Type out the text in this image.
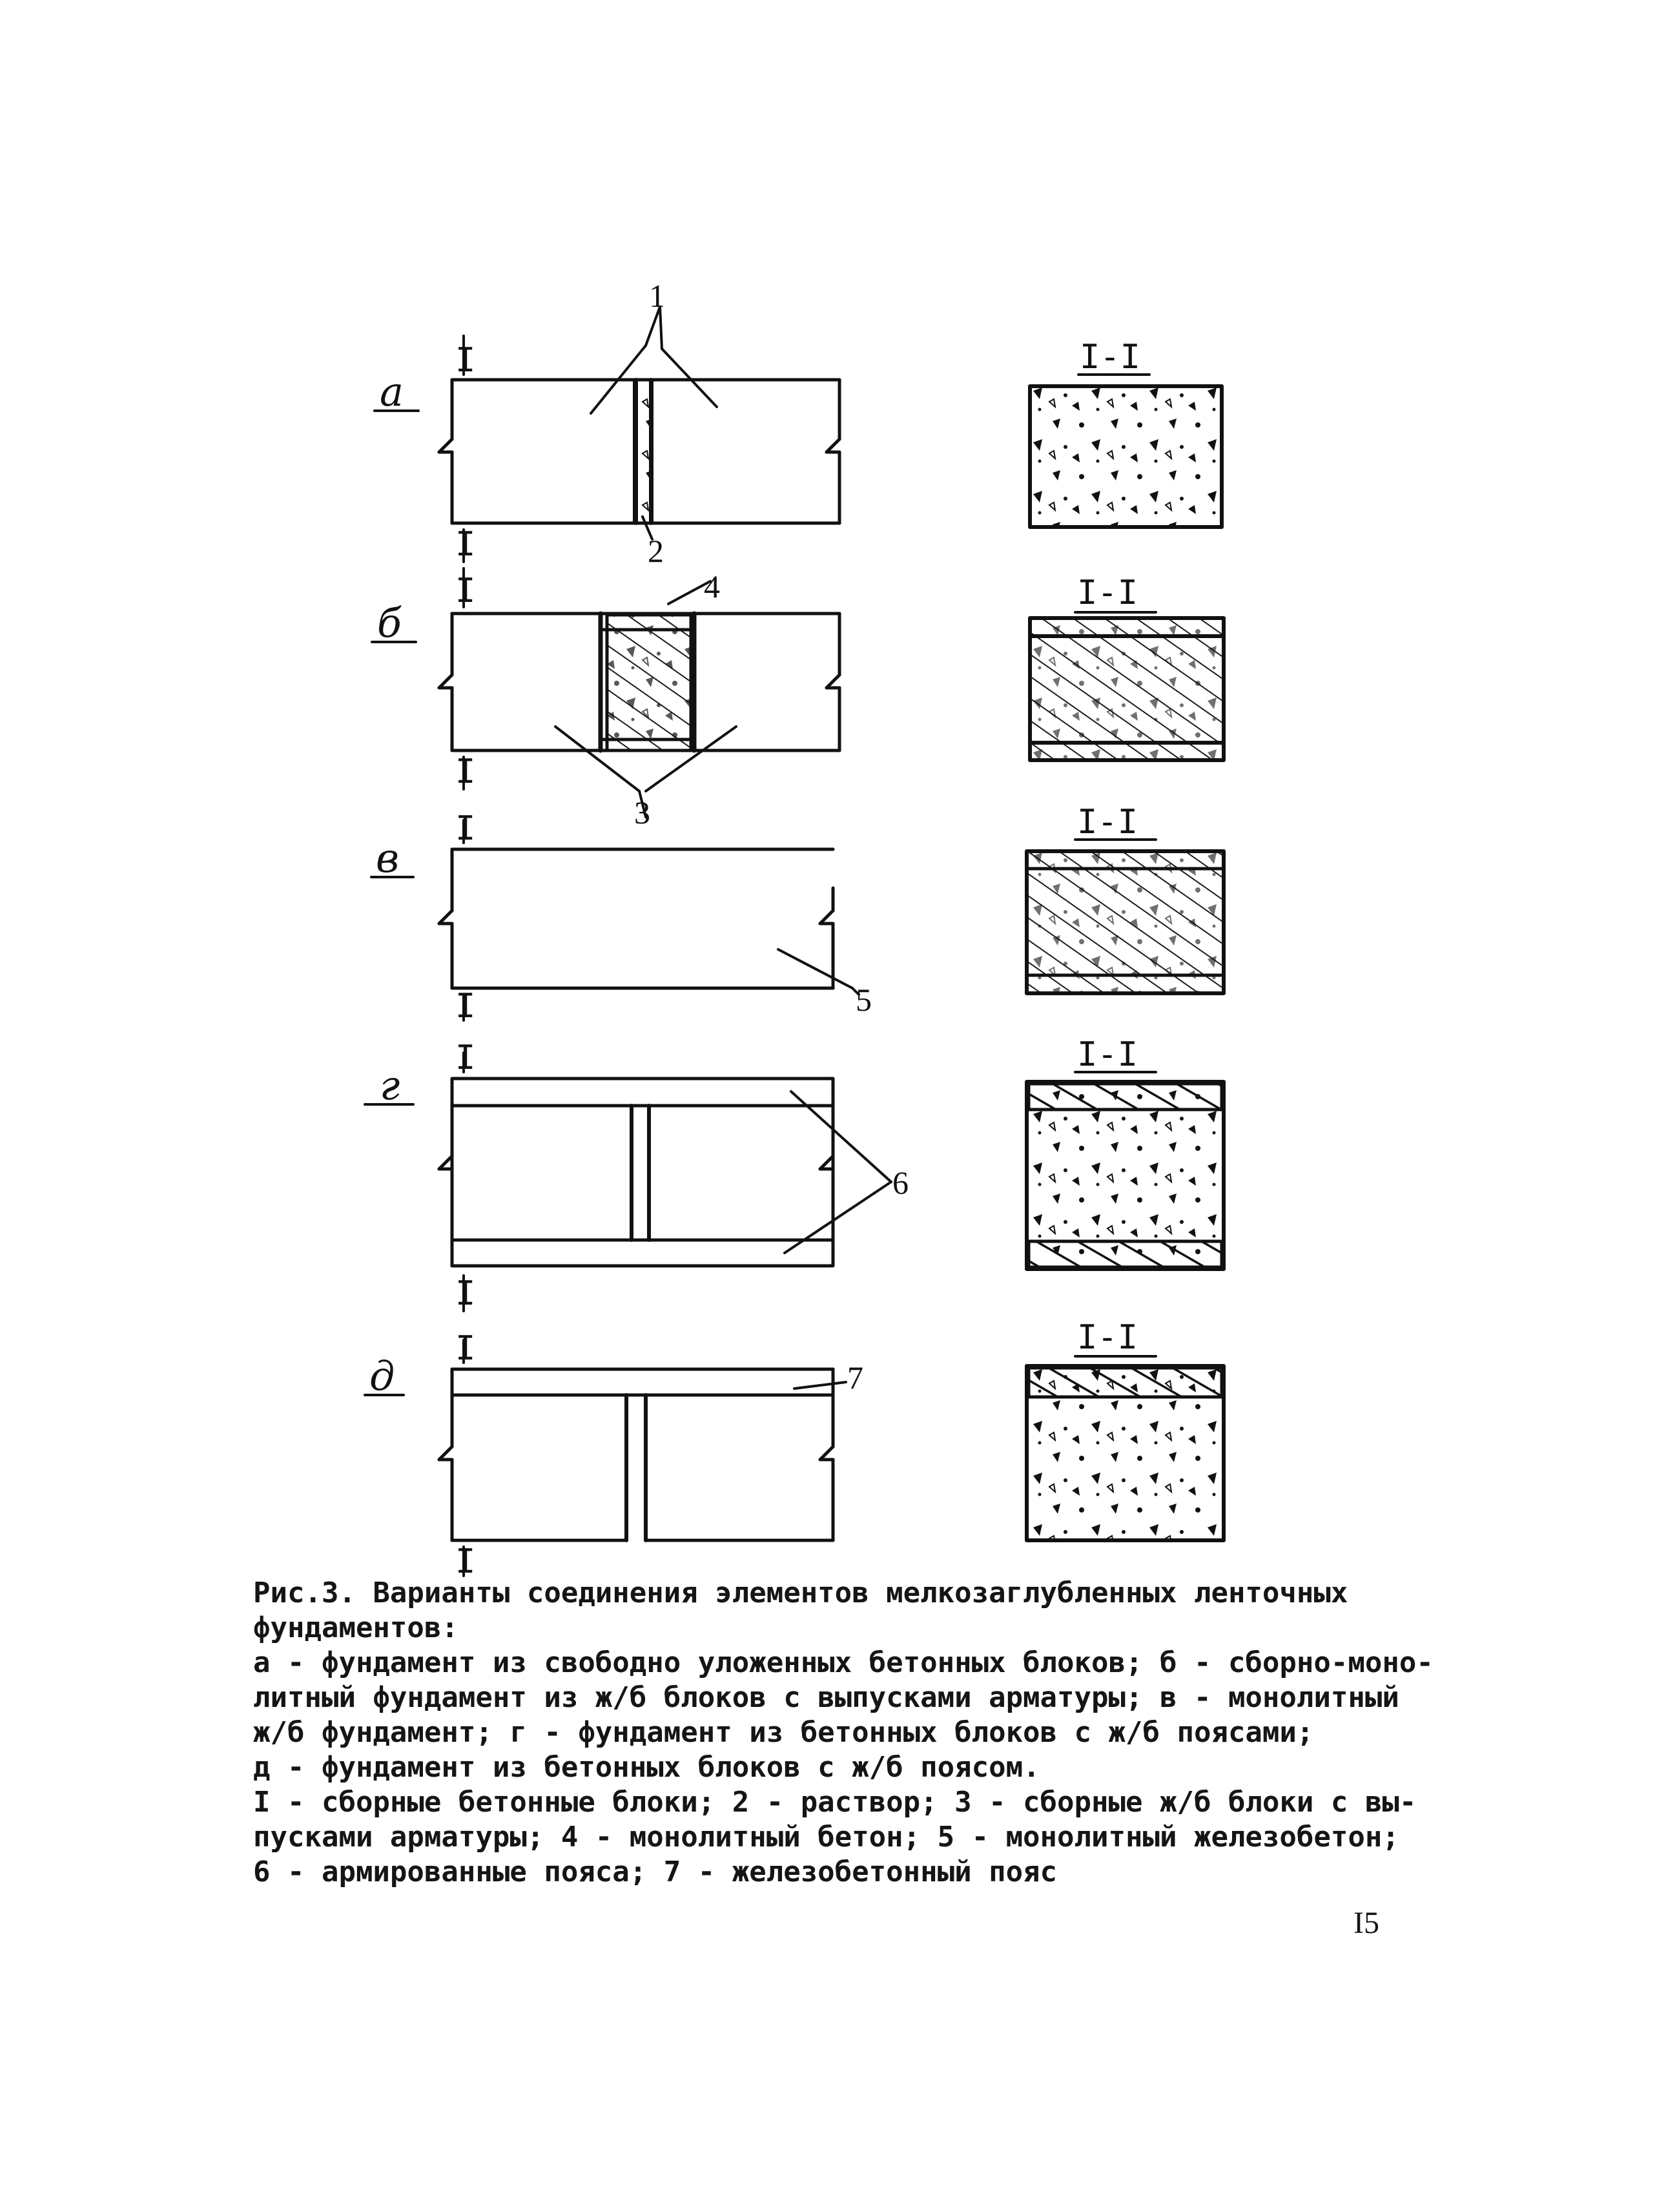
а
б
в
г
д
I
I
I
I
I
I
I
I
I
I
I-I
I-I
I-I
I-I
I-I
1
2
3
4
5
6
7
Рис.3. Варианты соединения элементов мелкозаглубленных ленточных
фундаментов:
а - фундамент из свободно уложенных бетонных блоков; б - сборно-моно-
литный фундамент из ж/б блоков с выпусками арматуры; в - монолитный
ж/б фундамент; г - фундамент из бетонных блоков с ж/б поясами;
д - фундамент из бетонных блоков с ж/б поясом.
I - сборные бетонные блоки; 2 - раствор; 3 - сборные ж/б блоки с вы-
пусками арматуры; 4 - монолитный бетон; 5 - монолитный железобетон;
6 - армированные пояса; 7 - железобетонный пояс
I5
